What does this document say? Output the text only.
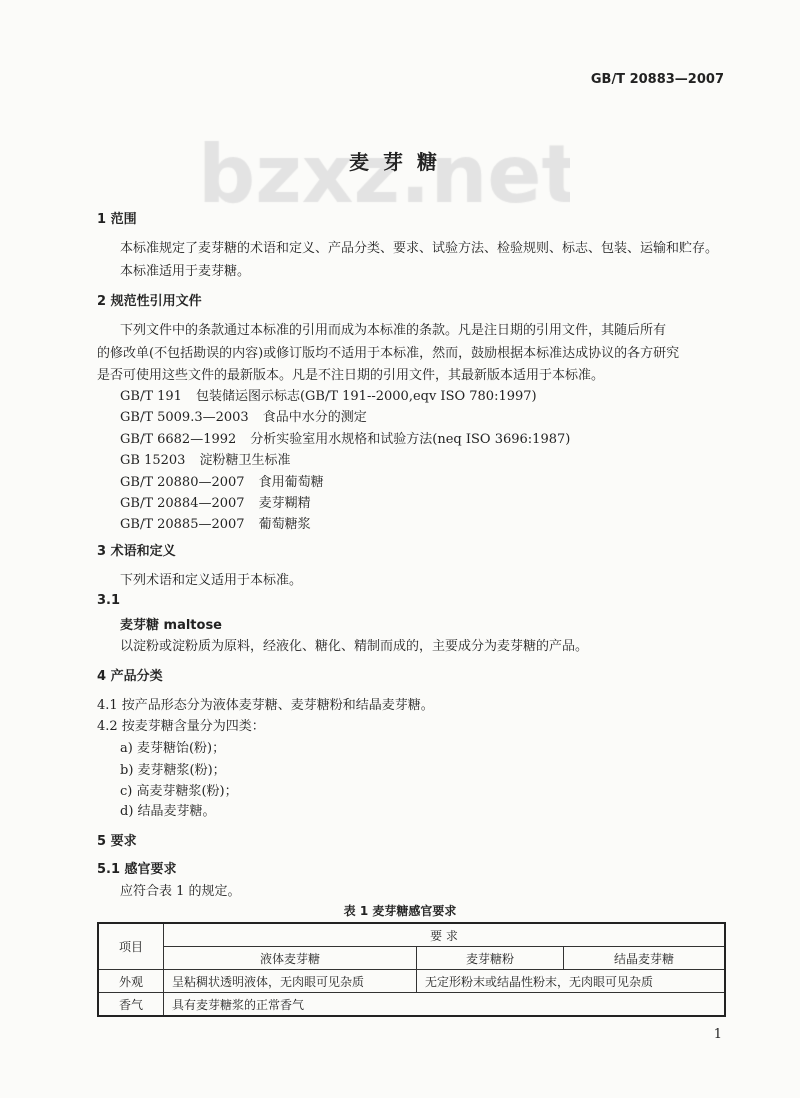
GB/T 20883—2007
麦芽糖
1 范围
本标准规定了麦芽糖的术语和定义、产品分类、要求、试验方法、检验规则、标志、包装、运输和贮存。
本标准适用于麦芽糖。
2 规范性引用文件
下列文件中的条款通过本标准的引用而成为本标准的条款。凡是注日期的引用文件，其随后所有
的修改单(不包括勘误的内容)或修订版均不适用于本标准，然而，鼓励根据本标准达成协议的各方研究
是否可使用这些文件的最新版本。凡是不注日期的引用文件，其最新版本适用于本标准。
GB/T 191 包装储运图示标志(GB/T 191--2000,eqv ISO 780:1997)
GB/T 5009.3—2003 食品中水分的测定
GB/T 6682—1992 分析实验室用水规格和试验方法(neq ISO 3696:1987)
GB 15203 淀粉糖卫生标准
GB/T 20880—2007 食用葡萄糖
GB/T 20884—2007 麦芽糊精
GB/T 20885—2007 葡萄糖浆
3 术语和定义
下列术语和定义适用于本标准。
3.1
麦芽糖 maltose
以淀粉或淀粉质为原料，经液化、糖化、精制而成的，主要成分为麦芽糖的产品。
4 产品分类
4.1 按产品形态分为液体麦芽糖、麦芽糖粉和结晶麦芽糖。
4.2 按麦芽糖含量分为四类：
a) 麦芽糖饴(粉)；
b) 麦芽糖浆(粉)；
c) 高麦芽糖浆(粉)；
d) 结晶麦芽糖。
5 要求
5.1 感官要求
应符合表 1 的规定。
表 1 麦芽糖感官要求
项目	要 求		
	液体麦芽糖	麦芽糖粉	结晶麦芽糖
外观	呈粘稠状透明液体，无肉眼可见杂质	无定形粉末或结晶性粉末，无肉眼可见杂质	
香气	具有麦芽糖浆的正常香气		
1
